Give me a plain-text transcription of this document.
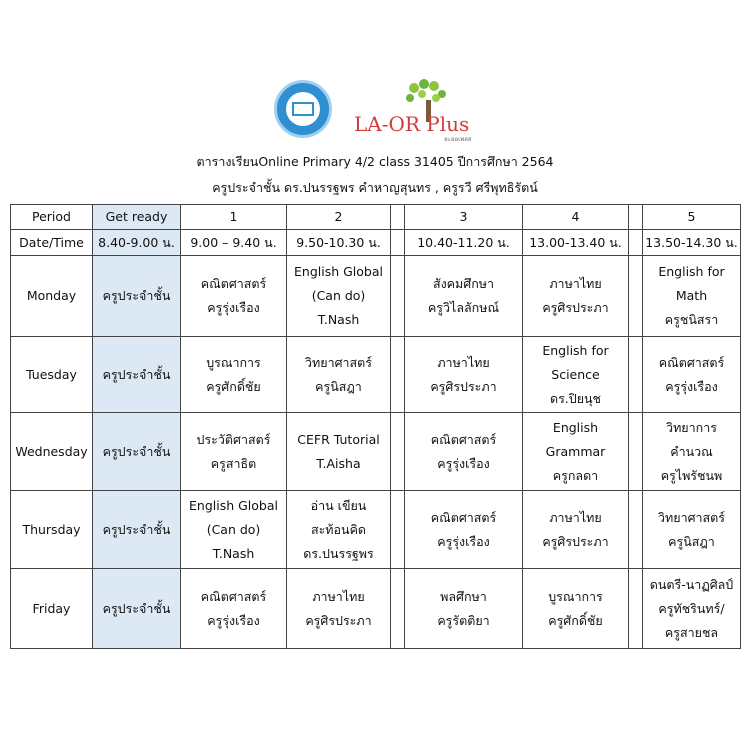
LA-OR Plus
ละออเพลส
ตารางเรียนOnline Primary 4/2 class 31405 ปีการศึกษา 2564
ครูประจำชั้น ดร.ปนรรฐพร คำหาญสุนทร , ครูรวี ศรีพุทธิรัตน์
Period	Get ready	1	2		3	4		5
Date/Time	8.40-9.00 น.	9.00 – 9.40 น.	9.50-10.30 น.		10.40-11.20 น.	13.00-13.40 น.		13.50-14.30 น.
Monday	ครูประจำชั้น	คณิตศาสตร์
ครูรุ่งเรือง	English Global
(Can do)
T.Nash		สังคมศึกษา
ครูวิไลลักษณ์	ภาษาไทย
ครูศิรประภา		English for
Math
ครูชนิสรา

Tuesday	ครูประจำชั้น	บูรณาการ
ครูศักดิ์ชัย	วิทยาศาสตร์
ครูนิสฎา		ภาษาไทย
ครูศิรประภา	English for
Science
ดร.ปิยนุช		คณิตศาสตร์
ครูรุ่งเรือง

Wednesday	ครูประจำชั้น	ประวัติศาสตร์
ครูสาธิต	CEFR Tutorial
T.Aisha		คณิตศาสตร์
ครูรุ่งเรือง	English
Grammar
ครูกลดา		วิทยาการ
คำนวณ
ครูไพรัชนพ

Thursday	ครูประจำชั้น	English Global
(Can do)
T.Nash	อ่าน เขียน
สะท้อนคิด
ดร.ปนรรฐพร		คณิตศาสตร์
ครูรุ่งเรือง	ภาษาไทย
ครูศิรประภา		วิทยาศาสตร์
ครูนิสฎา

Friday	ครูประจำชั้น	คณิตศาสตร์
ครูรุ่งเรือง	ภาษาไทย
ครูศิรประภา		พลศึกษา
ครูรัตติยา	บูรณาการ
ครูศักดิ์ชัย		ดนตรี-นาฏศิลป์
ครูทัชรินทร์/
ครูสายชล
